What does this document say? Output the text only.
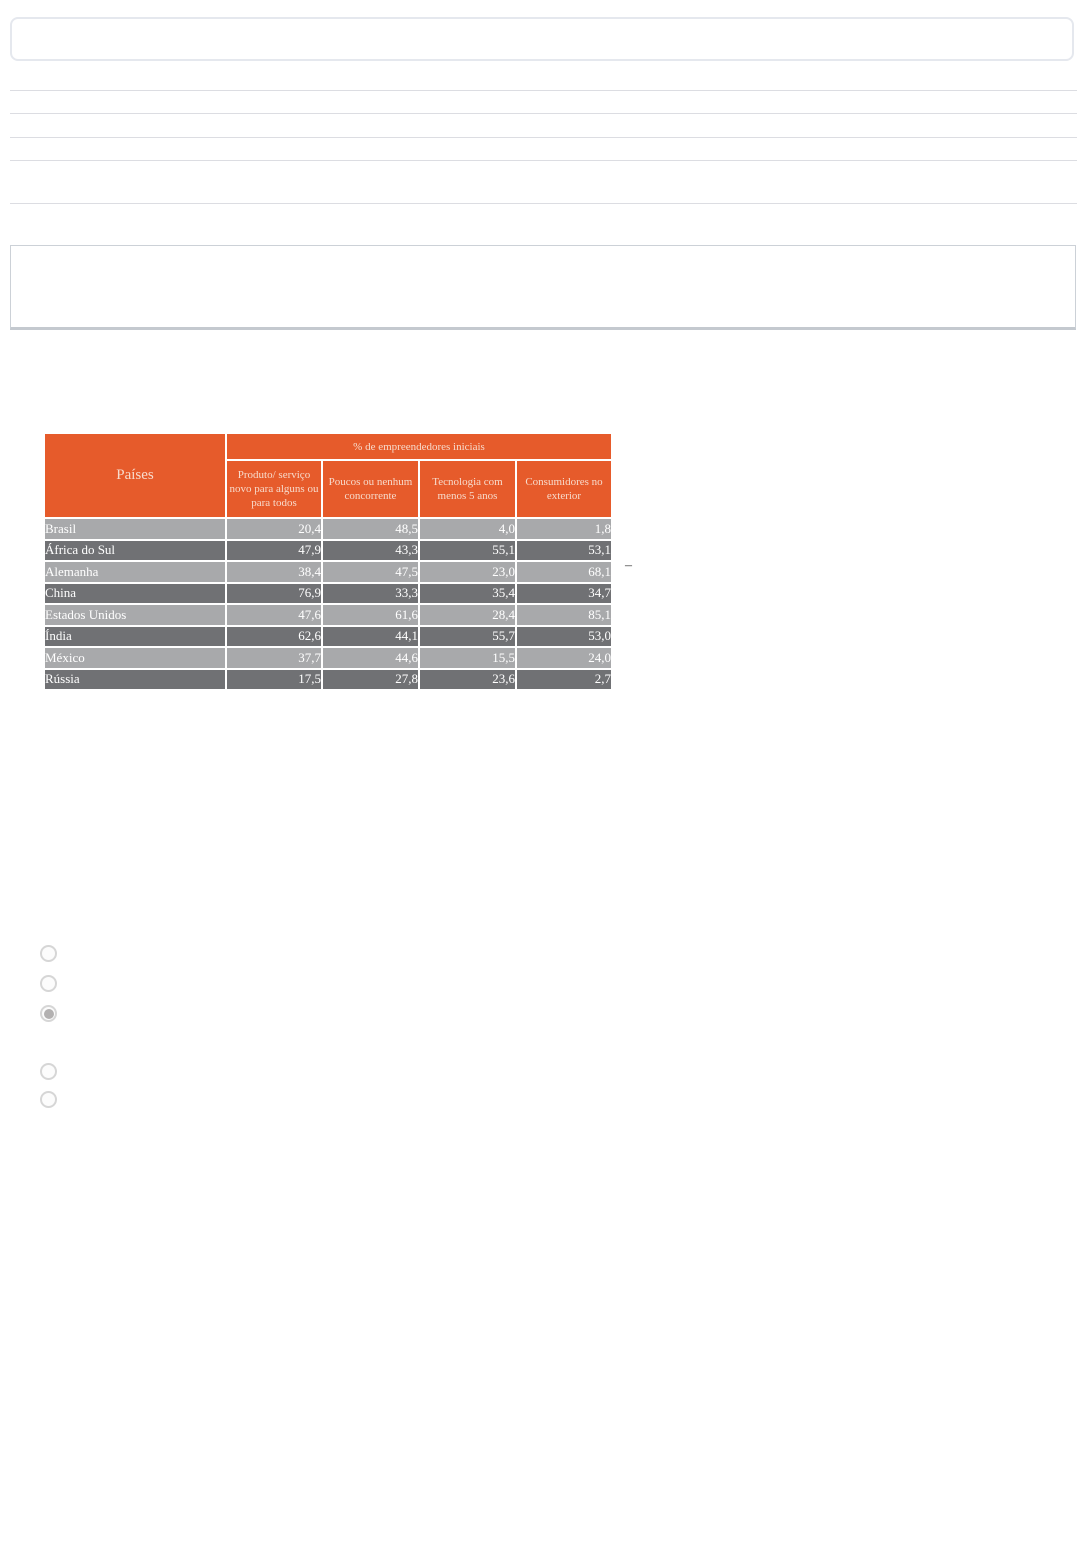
Países	% de empreendedores iniciais			
	Produto/ serviço novo para alguns ou para todos	Poucos ou nenhum concorrente	Tecnologia com menos 5 anos	Consumidores no exterior
Brasil	20,4	48,5	4,0	1,8
África do Sul	47,9	43,3	55,1	53,1
Alemanha	38,4	47,5	23,0	68,1
China	76,9	33,3	35,4	34,7
Estados Unidos	47,6	61,6	28,4	85,1
Índia	62,6	44,1	55,7	53,0
México	37,7	44,6	15,5	24,0
Rússia	17,5	27,8	23,6	2,7
–
